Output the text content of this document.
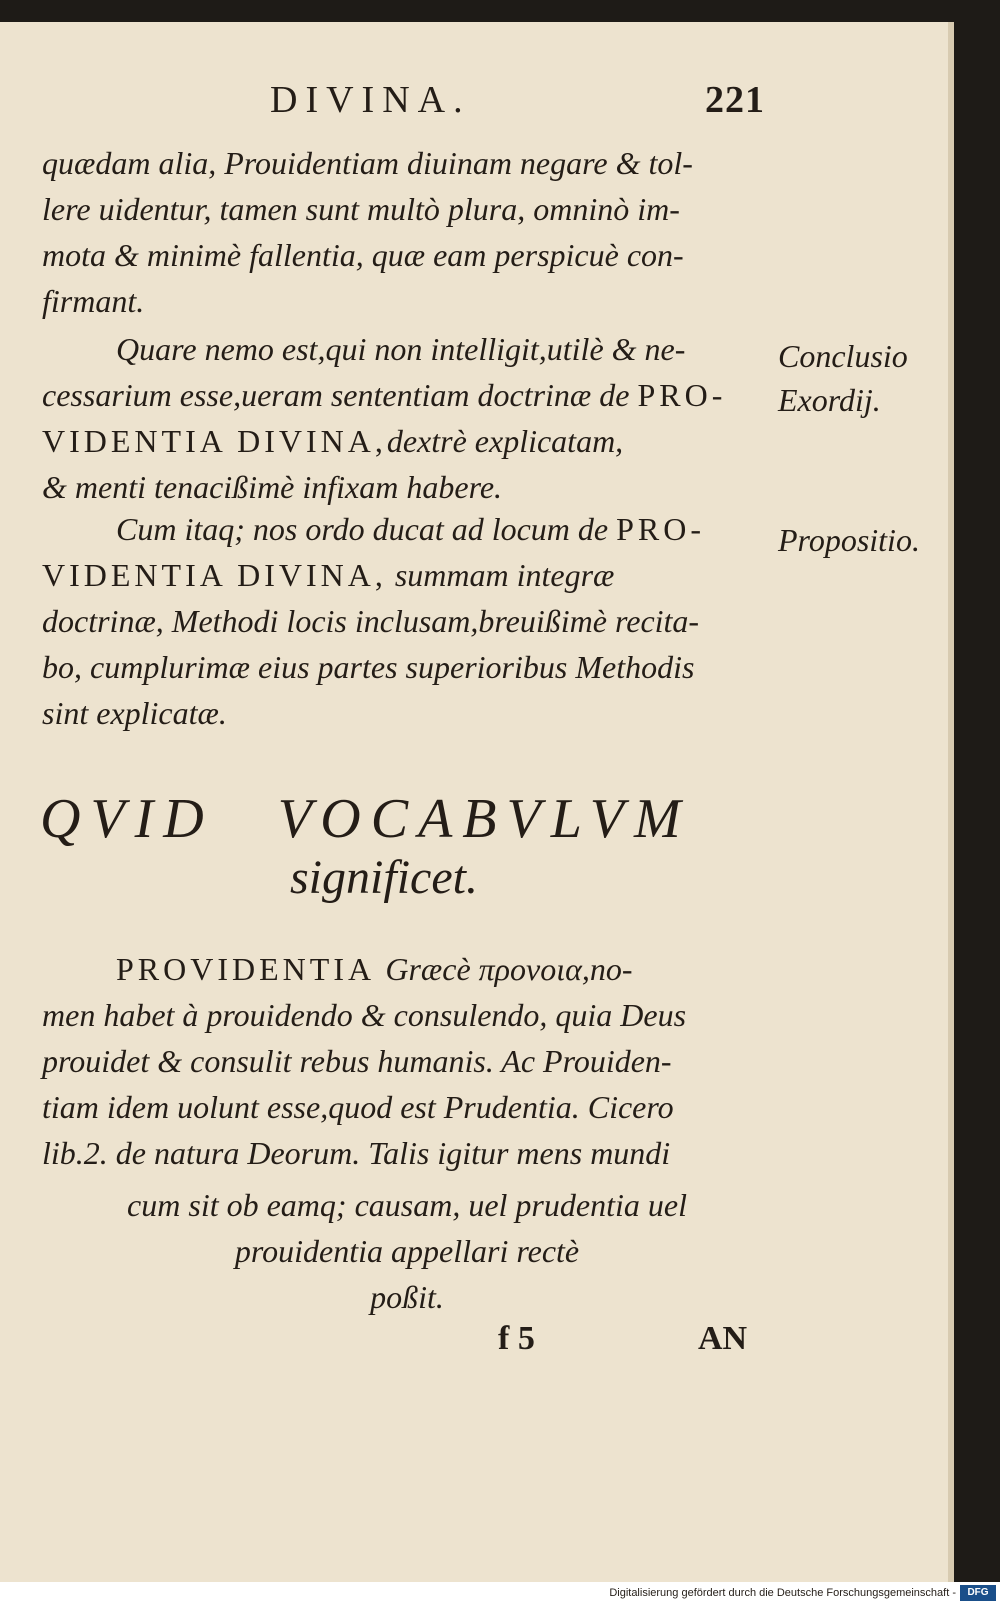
DIVINA.	221

quædam alia, Prouidentiam diuinam negare & tol-

lere uidentur, tamen sunt multò plura, omninò im-

mota & minimè fallentia, quæ eam perspicuè con-

firmant.

Quare nemo est,qui non intelligit,utilè & ne-

cessarium esse,ueram sententiam doctrinæ de PRO-

VIDENTIA DIVINA,dextrè explicatam,

& menti tenacißimè infixam habere.

Cum itaq; nos ordo ducat ad locum de PRO-

VIDENTIA DIVINA, summam integræ

doctrinæ, Methodi locis inclusam,breuißimè recita-

bo, cumplurimæ eius partes superioribus Methodis

sint explicatæ.

Conclusio
Exordij.
Propositio.
QVID VOCABVLVM
significet.

PROVIDENTIA Græcè προνοια,no-

men habet à prouidendo & consulendo, quia Deus

prouidet & consulit rebus humanis. Ac Prouiden-

tiam idem uolunt esse,quod est Prudentia. Cicero

lib.2. de natura Deorum. Talis igitur mens mundi

cum sit ob eamq; causam, uel prudentia uel
prouidentia appellari rectè
poßit.
f 5	AN
Digitalisierung gefördert durch die Deutsche Forschungsgemeinschaft -	DFG
